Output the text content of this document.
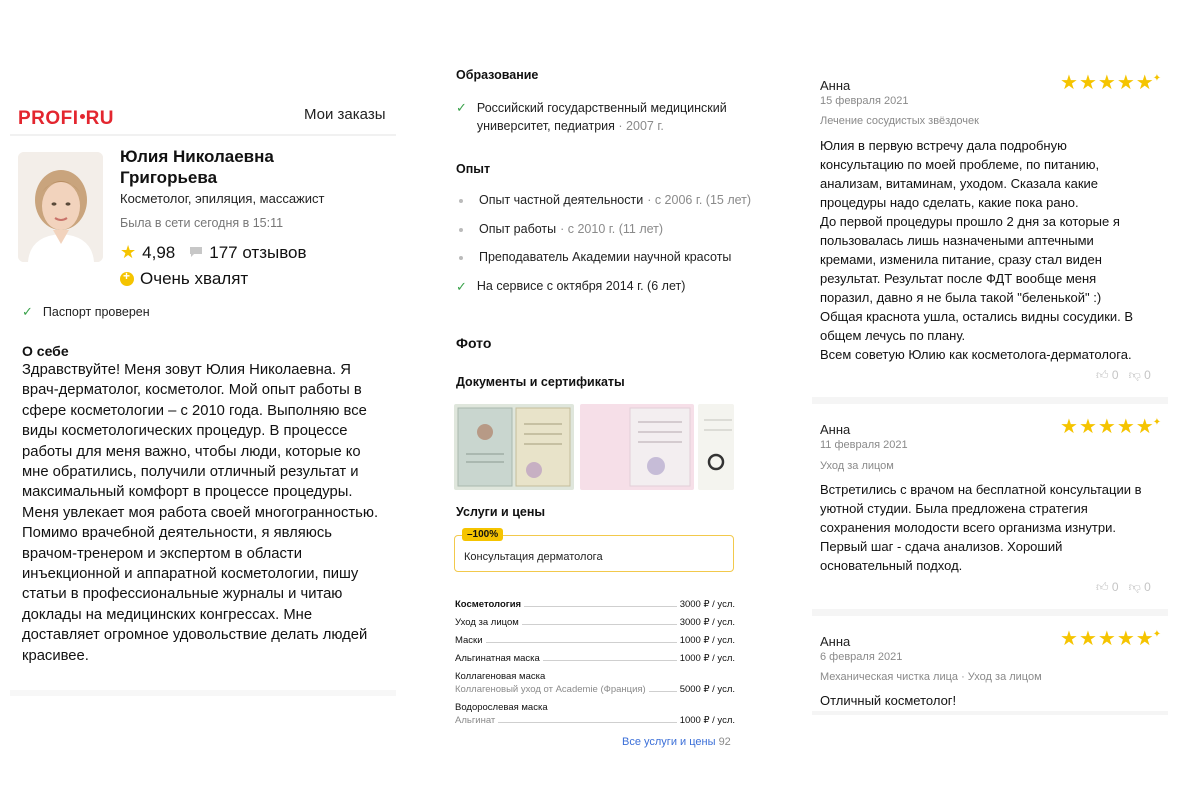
PROFI RU	Мои заказы
Юлия Николаевна Григорьева
Косметолог, эпиляция, массажист
Была в сети сегодня в 15:11
★ 4,98 177 отзывов
+
Очень хвалят
✓ Паспорт проверен
О себе
Здравствуйте! Меня зовут Юлия Николаевна. Я врач-дерматолог, косметолог. Мой опыт работы в сфере косметологии – с 2010 года. Выполняю все виды косметологических процедур. В процессе работы для меня важно, чтобы люди, которые ко мне обратились, получили отличный результат и максимальный комфорт в процессе процедуры. Меня увлекает моя работа своей многогранностью. Помимо врачебной деятельности, я являюсь врачом-тренером и экспертом в области инъекционной и аппаратной косметологии, пишу статьи в профессиональные журналы и читаю доклады на медицинских конгрессах. Мне доставляет огромное удовольствие делать людей красивее.
Образование
✓ Российский государственный медицинский университет, педиатрия · 2007 г.
Опыт
Опыт частной деятельности · с 2006 г. (15 лет)
Опыт работы · с 2010 г. (11 лет)
Преподаватель Академии научной красоты
✓ На сервисе с октября 2014 г. (6 лет)
Фото
Документы и сертификаты
Услуги и цены
–100%
Консультация дерматолога
Косметология	3000 ₽ / усл.
Уход за лицом	3000 ₽ / усл.
Маски	1000 ₽ / усл.
Альгинатная маска	1000 ₽ / усл.
Коллагеновая маска
Коллагеновый уход от Academie (Франция)	5000 ₽ / усл.
Водорослевая маска
Альгинат	1000 ₽ / усл.
Все услуги и цены 92
Анна
15 февраля 2021
★ ★ ★ ★ ★ ✦
Лечение сосудистых звёздочек
Юлия в первую встречу дала подробную
консультацию по моей проблеме, по питанию,
анализам, витаминам, уходом. Сказала какие
процедуры надо сделать, какие пока рано.
До первой процедуры прошло 2 дня за которые я
пользовалась лишь назначеными аптечными
кремами, изменила питание, сразу стал виден
результат. Результат после ФДТ вообще меня
поразил, давно я не была такой "беленькой" :)
Общая краснота ушла, остались видны сосудики. В
общем лечусь по плану.
Всем советую Юлию как косметолога-дерматолога.
👍︎ 0 👎︎ 0
Анна
11 февраля 2021
★ ★ ★ ★ ★ ✦
Уход за лицом
Встретились с врачом на бесплатной консультации в
уютной студии. Была предложена стратегия
сохранения молодости всего организма изнутри.
Первый шаг - сдача анализов. Хороший
основательный подход.
👍︎ 0 👎︎ 0
Анна
6 февраля 2021
★ ★ ★ ★ ★ ✦
Механическая чистка лица · Уход за лицом
Отличный косметолог!
